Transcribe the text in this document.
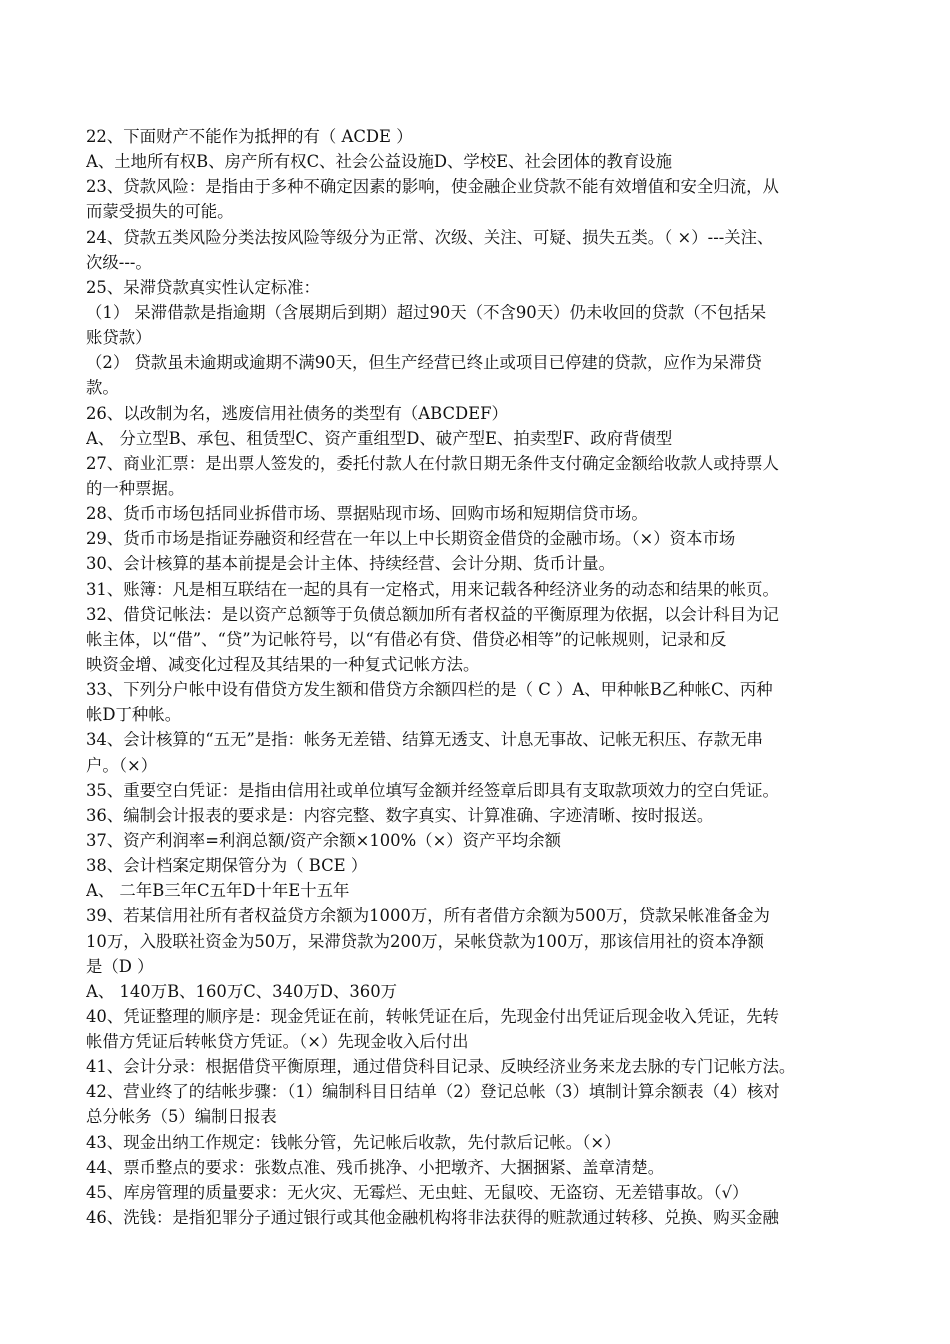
22、下面财产不能作为抵押的有（ ACDE ）
A、土地所有权B、房产所有权C、社会公益设施D、学校E、社会团体的教育设施
23、贷款风险：是指由于多种不确定因素的影响，使金融企业贷款不能有效增值和安全归流，从
而蒙受损失的可能。
24、贷款五类风险分类法按风险等级分为正常、次级、关注、可疑、损失五类。（ ×）---关注、
次级---。
25、呆滞贷款真实性认定标准：
（1） 呆滞借款是指逾期（含展期后到期）超过90天（不含90天）仍未收回的贷款（不包括呆
账贷款）
（2） 贷款虽未逾期或逾期不满90天，但生产经营已终止或项目已停建的贷款，应作为呆滞贷
款。
26、以改制为名，逃废信用社债务的类型有（ABCDEF）
A、 分立型B、承包、租赁型C、资产重组型D、破产型E、拍卖型F、政府背债型
27、商业汇票：是出票人签发的，委托付款人在付款日期无条件支付确定金额给收款人或持票人
的一种票据。
28、货币市场包括同业拆借市场、票据贴现市场、回购市场和短期信贷市场。
29、货币市场是指证券融资和经营在一年以上中长期资金借贷的金融市场。（×）资本市场
30、会计核算的基本前提是会计主体、持续经营、会计分期、货币计量。
31、账簿：凡是相互联结在一起的具有一定格式，用来记载各种经济业务的动态和结果的帐页。
32、借贷记帐法：是以资产总额等于负债总额加所有者权益的平衡原理为依据，以会计科目为记
帐主体，以“借”、“贷”为记帐符号，以“有借必有贷、借贷必相等”的记帐规则，记录和反
映资金增、减变化过程及其结果的一种复式记帐方法。
33、下列分户帐中设有借贷方发生额和借贷方余额四栏的是（ C ）A、甲种帐B乙种帐C、丙种
帐D丁种帐。
34、会计核算的“五无”是指：帐务无差错、结算无透支、计息无事故、记帐无积压、存款无串
户。（×）
35、重要空白凭证：是指由信用社或单位填写金额并经签章后即具有支取款项效力的空白凭证。
36、编制会计报表的要求是：内容完整、数字真实、计算准确、字迹清晰、按时报送。
37、资产利润率=利润总额/资产余额×100%（×）资产平均余额
38、会计档案定期保管分为（ BCE ）
A、 二年B三年C五年D十年E十五年
39、若某信用社所有者权益贷方余额为1000万，所有者借方余额为500万，贷款呆帐准备金为
10万，入股联社资金为50万，呆滞贷款为200万，呆帐贷款为100万，那该信用社的资本净额
是（D ）
A、 140万B、160万C、340万D、360万
40、凭证整理的顺序是：现金凭证在前，转帐凭证在后，先现金付出凭证后现金收入凭证，先转
帐借方凭证后转帐贷方凭证。（×）先现金收入后付出
41、会计分录：根据借贷平衡原理，通过借贷科目记录、反映经济业务来龙去脉的专门记帐方法。
42、营业终了的结帐步骤：（1）编制科目日结单（2）登记总帐（3）填制计算余额表（4）核对
总分帐务（5）编制日报表
43、现金出纳工作规定：钱帐分管，先记帐后收款，先付款后记帐。（×）
44、票币整点的要求：张数点准、残币挑净、小把墩齐、大捆捆紧、盖章清楚。
45、库房管理的质量要求：无火灾、无霉烂、无虫蛀、无鼠咬、无盗窃、无差错事故。（√）
46、洗钱：是指犯罪分子通过银行或其他金融机构将非法获得的赃款通过转移、兑换、购买金融
